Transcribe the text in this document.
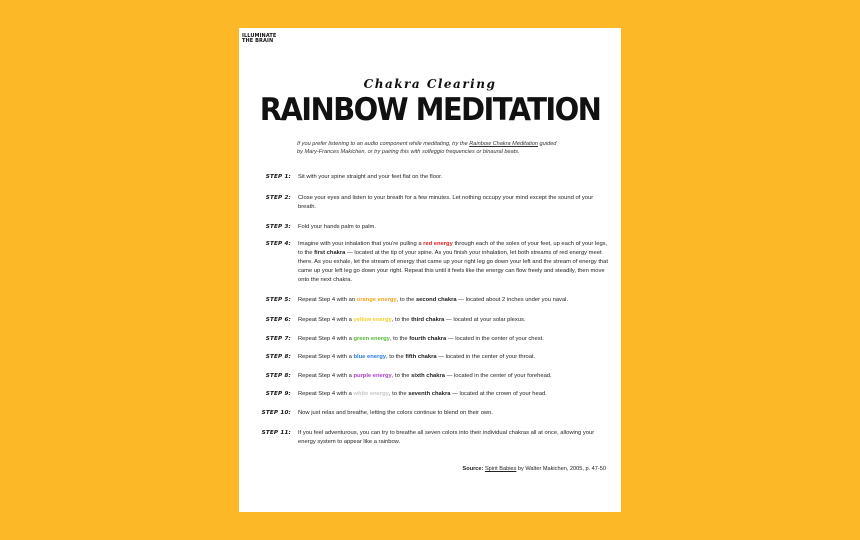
ILLUMINATE
THE BRAIN
Chakra Clearing
RAINBOW MEDITATION
If you prefer listening to an audio component while meditating, try the Rainbow Chakra Meditation guided by Mary-Frances Makichen, or try pairing this with solfeggio frequencies or binaural beats.
STEP 1: Sit with your spine straight and your feet flat on the floor.
STEP 2: Close your eyes and listen to your breath for a few minutes. Let nothing occupy your mind except the sound of your breath.
STEP 3: Fold your hands palm to palm.
STEP 4: Imagine with your inhalation that you're pulling a red energy through each of the soles of your feet, up each of your legs, to the first chakra — located at the tip of your spine. As you finish your inhalation, let both streams of red energy meet there. As you exhale, let the stream of energy that came up your right leg go down your left and the stream of energy that came up your left leg go down your right. Repeat this until it feels like the energy can flow freely and steadily, then move onto the next chakra.
STEP 5: Repeat Step 4 with an orange energy, to the second chakra — located about 2 inches under you naval.
STEP 6: Repeat Step 4 with a yellow energy, to the third chakra — located at your solar plexus.
STEP 7: Repeat Step 4 with a green energy, to the fourth chakra — located in the center of your chest.
STEP 8: Repeat Step 4 with a blue energy, to the fifth chakra — located in the center of your throat.
STEP 8: Repeat Step 4 with a purple energy, to the sixth chakra — located in the center of your forehead.
STEP 9: Repeat Step 4 with a white energy, to the seventh chakra — located at the crown of your head.
STEP 10: Now just relax and breathe, letting the colors continue to blend on their own.
STEP 11: If you feel adventurous, you can try to breathe all seven colors into their individual chakras all at once, allowing your energy system to appear like a rainbow.
Source: Spirit Babies by Walter Makichen, 2005, p. 47-50
